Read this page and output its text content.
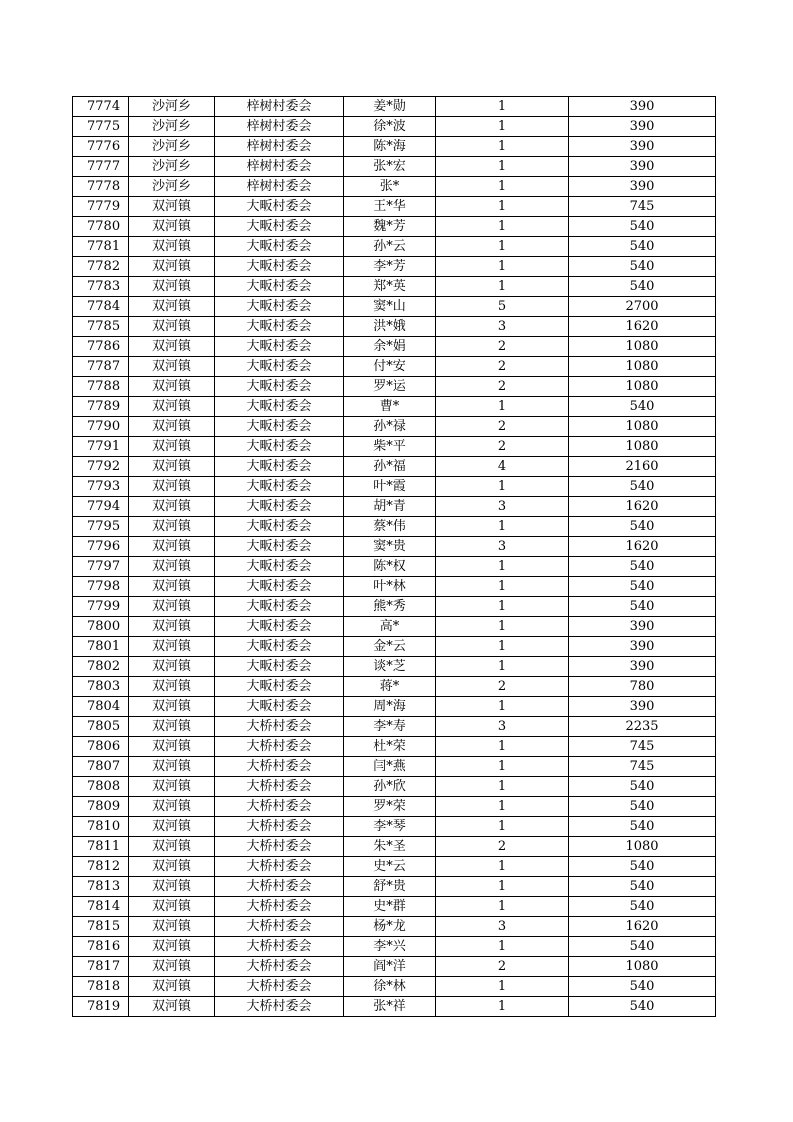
7774	沙河乡	梓树村委会	姜*勋	1	390
7775	沙河乡	梓树村委会	徐*波	1	390
7776	沙河乡	梓树村委会	陈*海	1	390
7777	沙河乡	梓树村委会	张*宏	1	390
7778	沙河乡	梓树村委会	张*	1	390
7779	双河镇	大畈村委会	王*华	1	745
7780	双河镇	大畈村委会	魏*芳	1	540
7781	双河镇	大畈村委会	孙*云	1	540
7782	双河镇	大畈村委会	李*芳	1	540
7783	双河镇	大畈村委会	郑*英	1	540
7784	双河镇	大畈村委会	窦*山	5	2700
7785	双河镇	大畈村委会	洪*娥	3	1620
7786	双河镇	大畈村委会	余*娟	2	1080
7787	双河镇	大畈村委会	付*安	2	1080
7788	双河镇	大畈村委会	罗*运	2	1080
7789	双河镇	大畈村委会	曹*	1	540
7790	双河镇	大畈村委会	孙*禄	2	1080
7791	双河镇	大畈村委会	柴*平	2	1080
7792	双河镇	大畈村委会	孙*福	4	2160
7793	双河镇	大畈村委会	叶*霞	1	540
7794	双河镇	大畈村委会	胡*青	3	1620
7795	双河镇	大畈村委会	蔡*伟	1	540
7796	双河镇	大畈村委会	窦*贵	3	1620
7797	双河镇	大畈村委会	陈*权	1	540
7798	双河镇	大畈村委会	叶*林	1	540
7799	双河镇	大畈村委会	熊*秀	1	540
7800	双河镇	大畈村委会	高*	1	390
7801	双河镇	大畈村委会	金*云	1	390
7802	双河镇	大畈村委会	谈*芝	1	390
7803	双河镇	大畈村委会	蒋*	2	780
7804	双河镇	大畈村委会	周*海	1	390
7805	双河镇	大桥村委会	李*寿	3	2235
7806	双河镇	大桥村委会	杜*荣	1	745
7807	双河镇	大桥村委会	闫*燕	1	745
7808	双河镇	大桥村委会	孙*欣	1	540
7809	双河镇	大桥村委会	罗*荣	1	540
7810	双河镇	大桥村委会	李*琴	1	540
7811	双河镇	大桥村委会	朱*圣	2	1080
7812	双河镇	大桥村委会	史*云	1	540
7813	双河镇	大桥村委会	舒*贵	1	540
7814	双河镇	大桥村委会	史*群	1	540
7815	双河镇	大桥村委会	杨*龙	3	1620
7816	双河镇	大桥村委会	李*兴	1	540
7817	双河镇	大桥村委会	阎*洋	2	1080
7818	双河镇	大桥村委会	徐*林	1	540
7819	双河镇	大桥村委会	张*祥	1	540
